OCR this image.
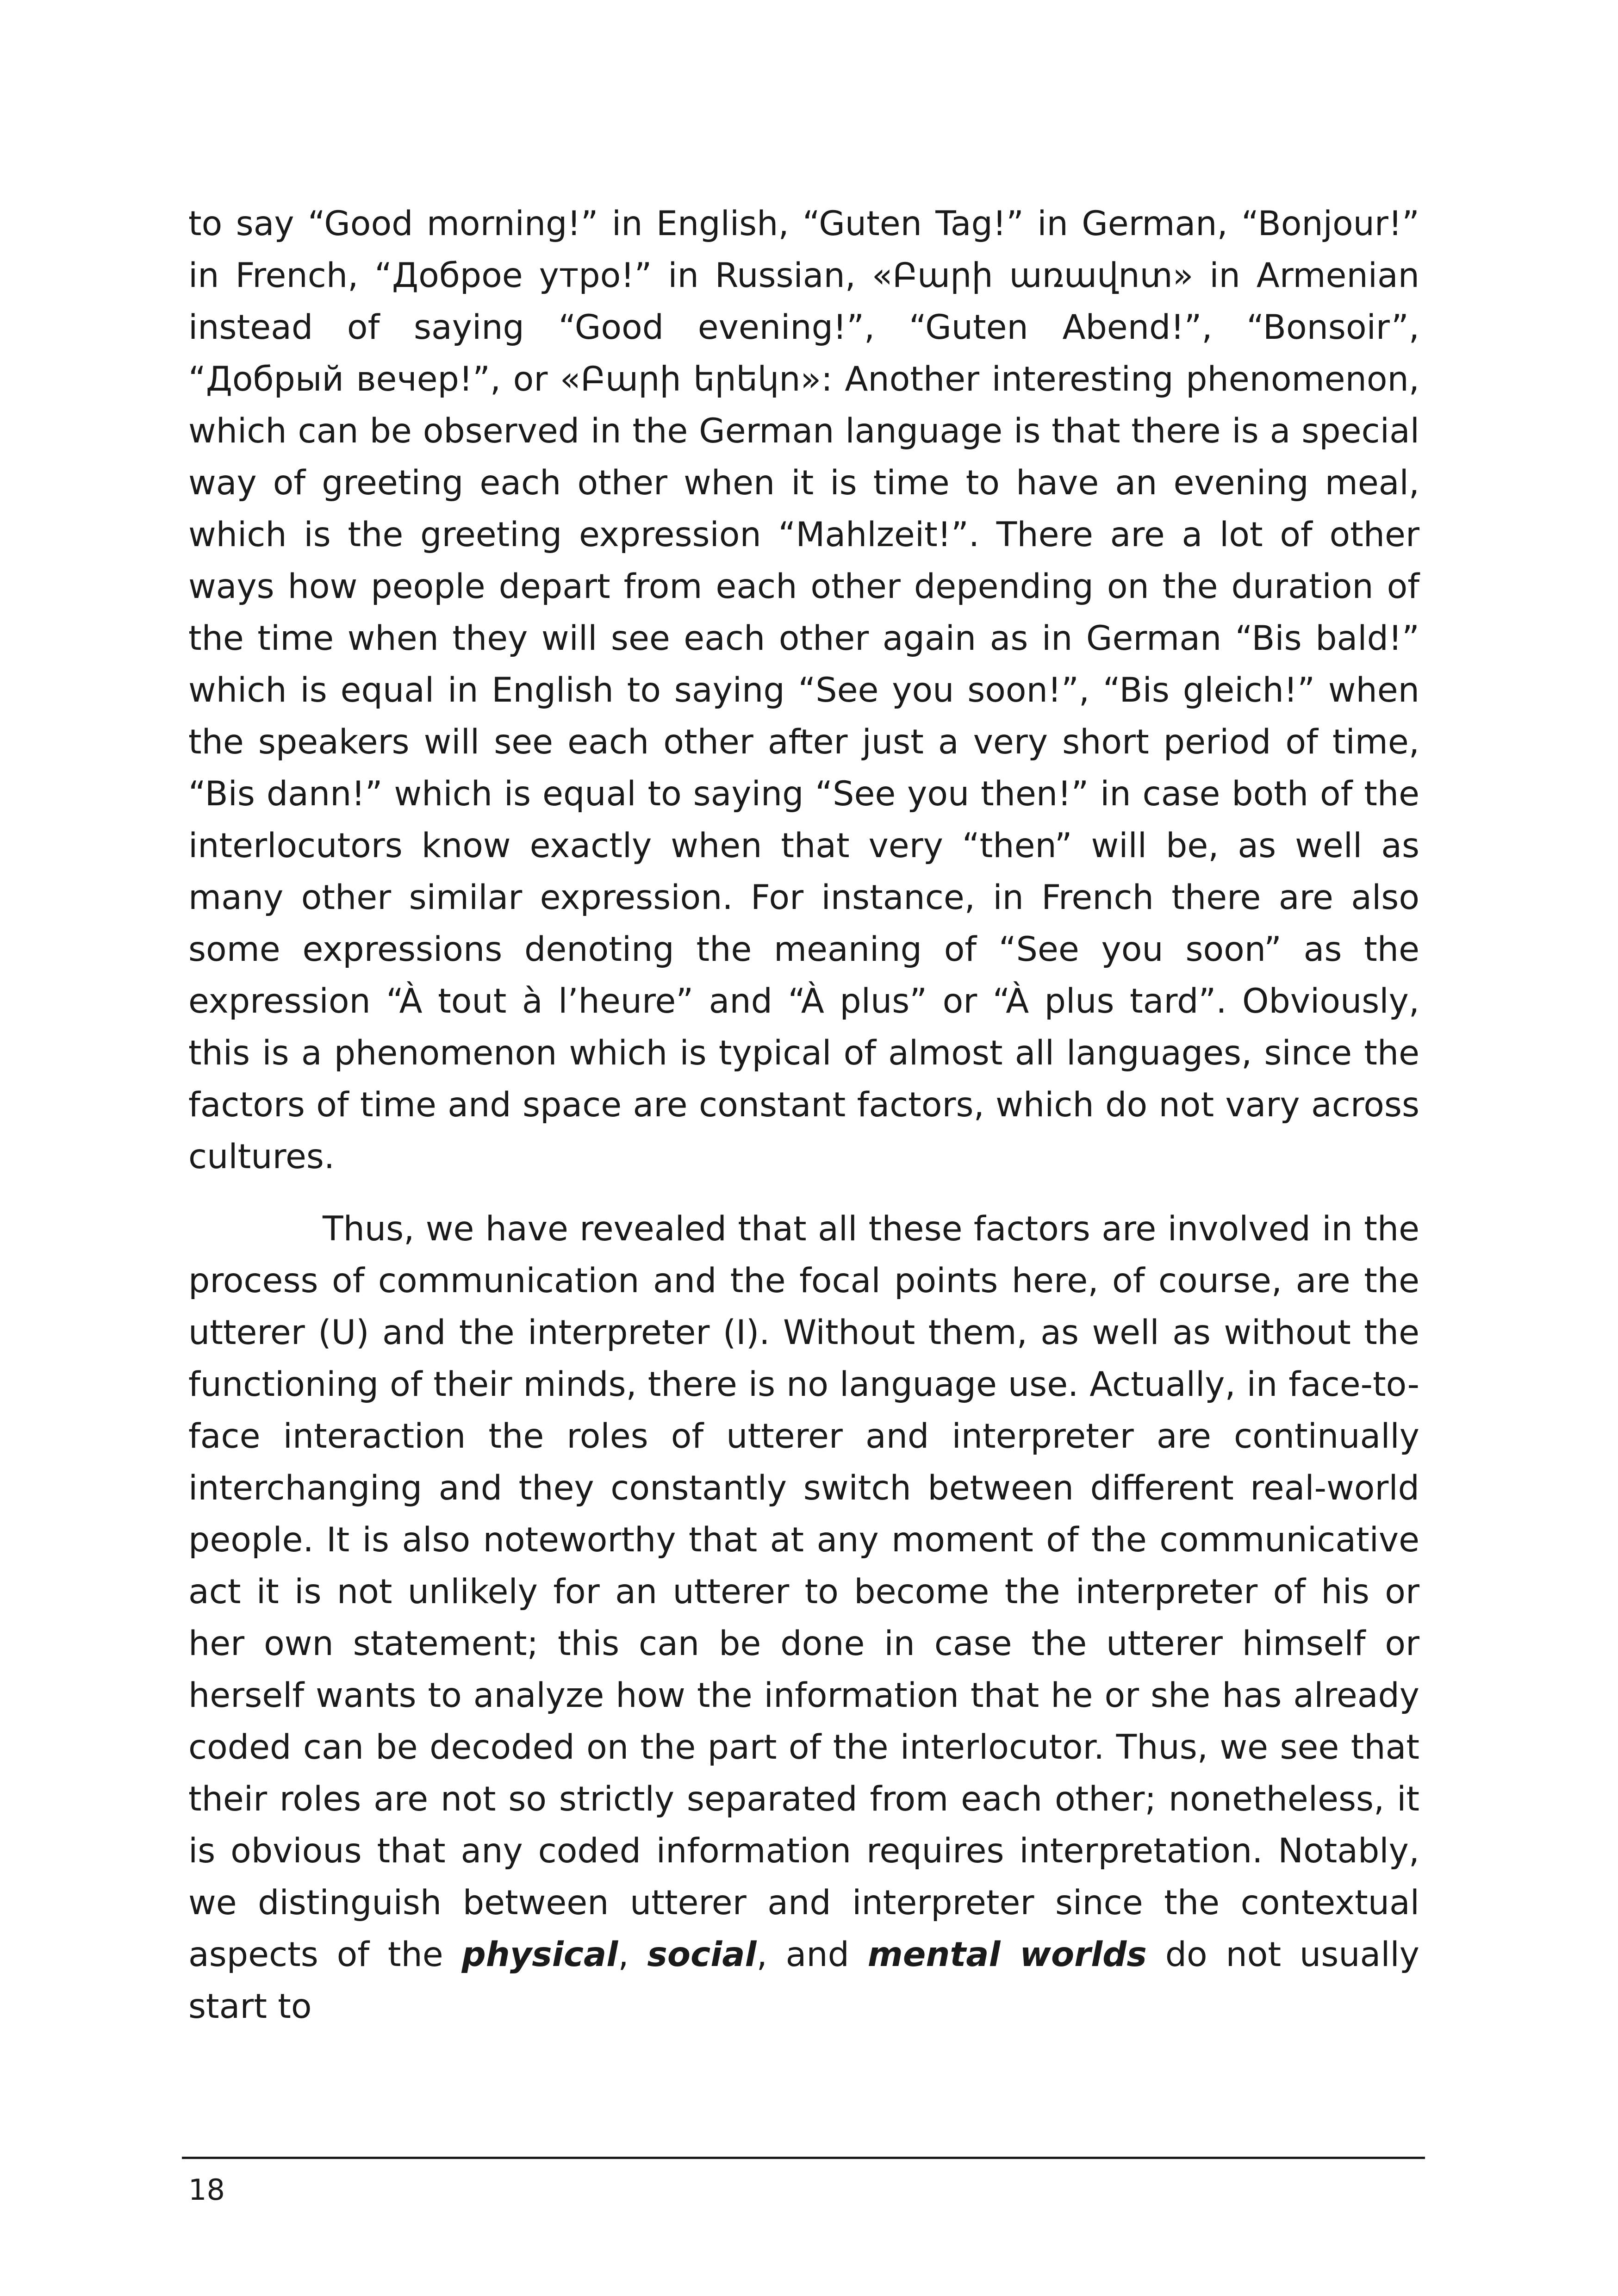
to say “Good morning!” in English, “Guten Tag!” in German, “Bonjour!” in French, “Доброе утро!” in Russian, «Բարի առավոտ» in Armenian instead of saying “Good evening!”, “Guten Abend!”, “Bonsoir”, “Добрый вечер!”, or «Բարի երեկո»: Another interesting phenomenon, which can be observed in the German language is that there is a special way of greeting each other when it is time to have an evening meal, which is the greeting expression “Mahlzeit!”. There are a lot of other ways how people depart from each other depending on the duration of the time when they will see each other again as in German “Bis bald!” which is equal in English to saying “See you soon!”, “Bis gleich!” when the speakers will see each other after just a very short period of time, “Bis dann!” which is equal to saying “See you then!” in case both of the interlocutors know exactly when that very “then” will be, as well as many other similar expression. For instance, in French there are also some expressions denoting the meaning of “See you soon” as the expression “À tout à l’heure” and “À plus” or “À plus tard”. Obviously, this is a phenomenon which is typical of almost all languages, since the factors of time and space are constant factors, which do not vary across cultures.

Thus, we have revealed that all these factors are involved in the process of communication and the focal points here, of course, are the utterer (U) and the interpreter (I). Without them, as well as without the functioning of their minds, there is no language use. Actually, in face-to-face interaction the roles of utterer and interpreter are continually interchanging and they constantly switch between different real-world people. It is also noteworthy that at any moment of the communicative act it is not unlikely for an utterer to become the interpreter of his or her own statement; this can be done in case the utterer himself or herself wants to analyze how the information that he or she has already coded can be decoded on the part of the interlocutor. Thus, we see that their roles are not so strictly separated from each other; nonetheless, it is obvious that any coded information requires interpretation. Notably, we distinguish between utterer and interpreter since the contextual aspects of the physical, social, and mental worlds do not usually start to

18
